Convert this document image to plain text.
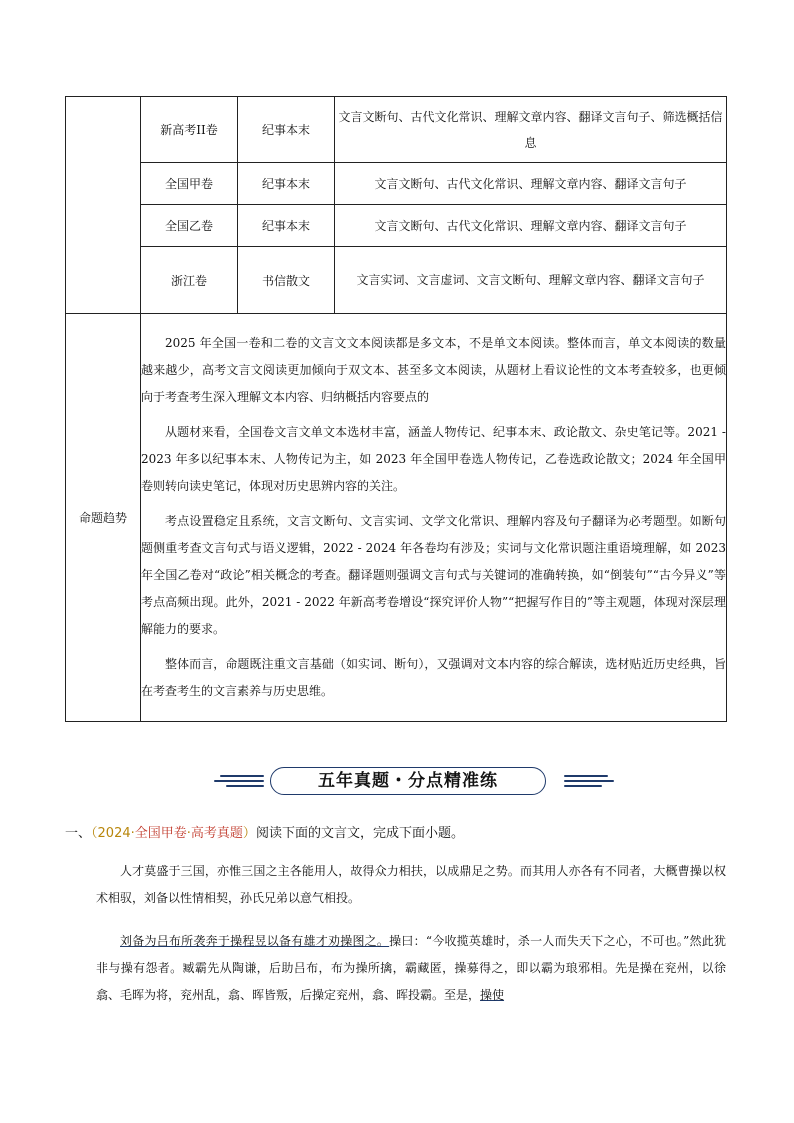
	新高考II卷	纪事本末	文言文断句、古代文化常识、理解文章内容、翻译文言句子、筛选概括信息
	全国甲卷	纪事本末	文言文断句、古代文化常识、理解文章内容、翻译文言句子
	全国乙卷	纪事本末	文言文断句、古代文化常识、理解文章内容、翻译文言句子
	浙江卷	书信散文	文言实词、文言虚词、文言文断句、理解文章内容、翻译文言句子
命题趋势	2025 年全国一卷和二卷的文言文文本阅读都是多文本，不是单文本阅读。整体而言，单文本阅读的数量越来越少，高考文言文阅读更加倾向于双文本、甚至多文本阅读，从题材上看议论性的文本考查较多，也更倾向于考查考生深入理解文本内容、归纳概括内容要点的

从题材来看，全国卷文言文单文本选材丰富，涵盖人物传记、纪事本末、政论散文、杂史笔记等。2021 - 2023 年多以纪事本末、人物传记为主，如 2023 年全国甲卷选人物传记，乙卷选政论散文；2024 年全国甲卷则转向读史笔记，体现对历史思辨内容的关注。

考点设置稳定且系统，文言文断句、文言实词、文学文化常识、理解内容及句子翻译为必考题型。如断句题侧重考查文言句式与语义逻辑，2022 - 2024 年各卷均有涉及；实词与文化常识题注重语境理解，如 2023 年全国乙卷对“政论”相关概念的考查。翻译题则强调文言句式与关键词的准确转换，如“倒装句”“古今异义”等考点高频出现。此外，2021 - 2022 年新高考卷增设“探究评价人物”“把握写作目的”等主观题，体现对深层理解能力的要求。

整体而言，命题既注重文言基础（如实词、断句），又强调对文本内容的综合解读，选材贴近历史经典，旨在考查考生的文言素养与历史思维。		

五年真题・分点精准练
一、（2024·全国甲卷·高考真题）阅读下面的文言文，完成下面小题。

人才莫盛于三国，亦惟三国之主各能用人，故得众力相扶，以成鼎足之势。而其用人亦各有不同者，大概曹操以权术相驭，刘备以性情相契，孙氏兄弟以意气相投。

刘备为吕布所袭奔于操程昱以备有雄才劝操图之。操曰：“今收揽英雄时，杀一人而失天下之心，不可也。”然此犹非与操有怨者。臧霸先从陶谦，后助吕布，布为操所擒，霸藏匿，操募得之，即以霸为琅邪相。先是操在兖州，以徐翕、毛晖为将，兖州乱，翕、晖皆叛，后操定兖州，翕、晖投霸。至是，操使
